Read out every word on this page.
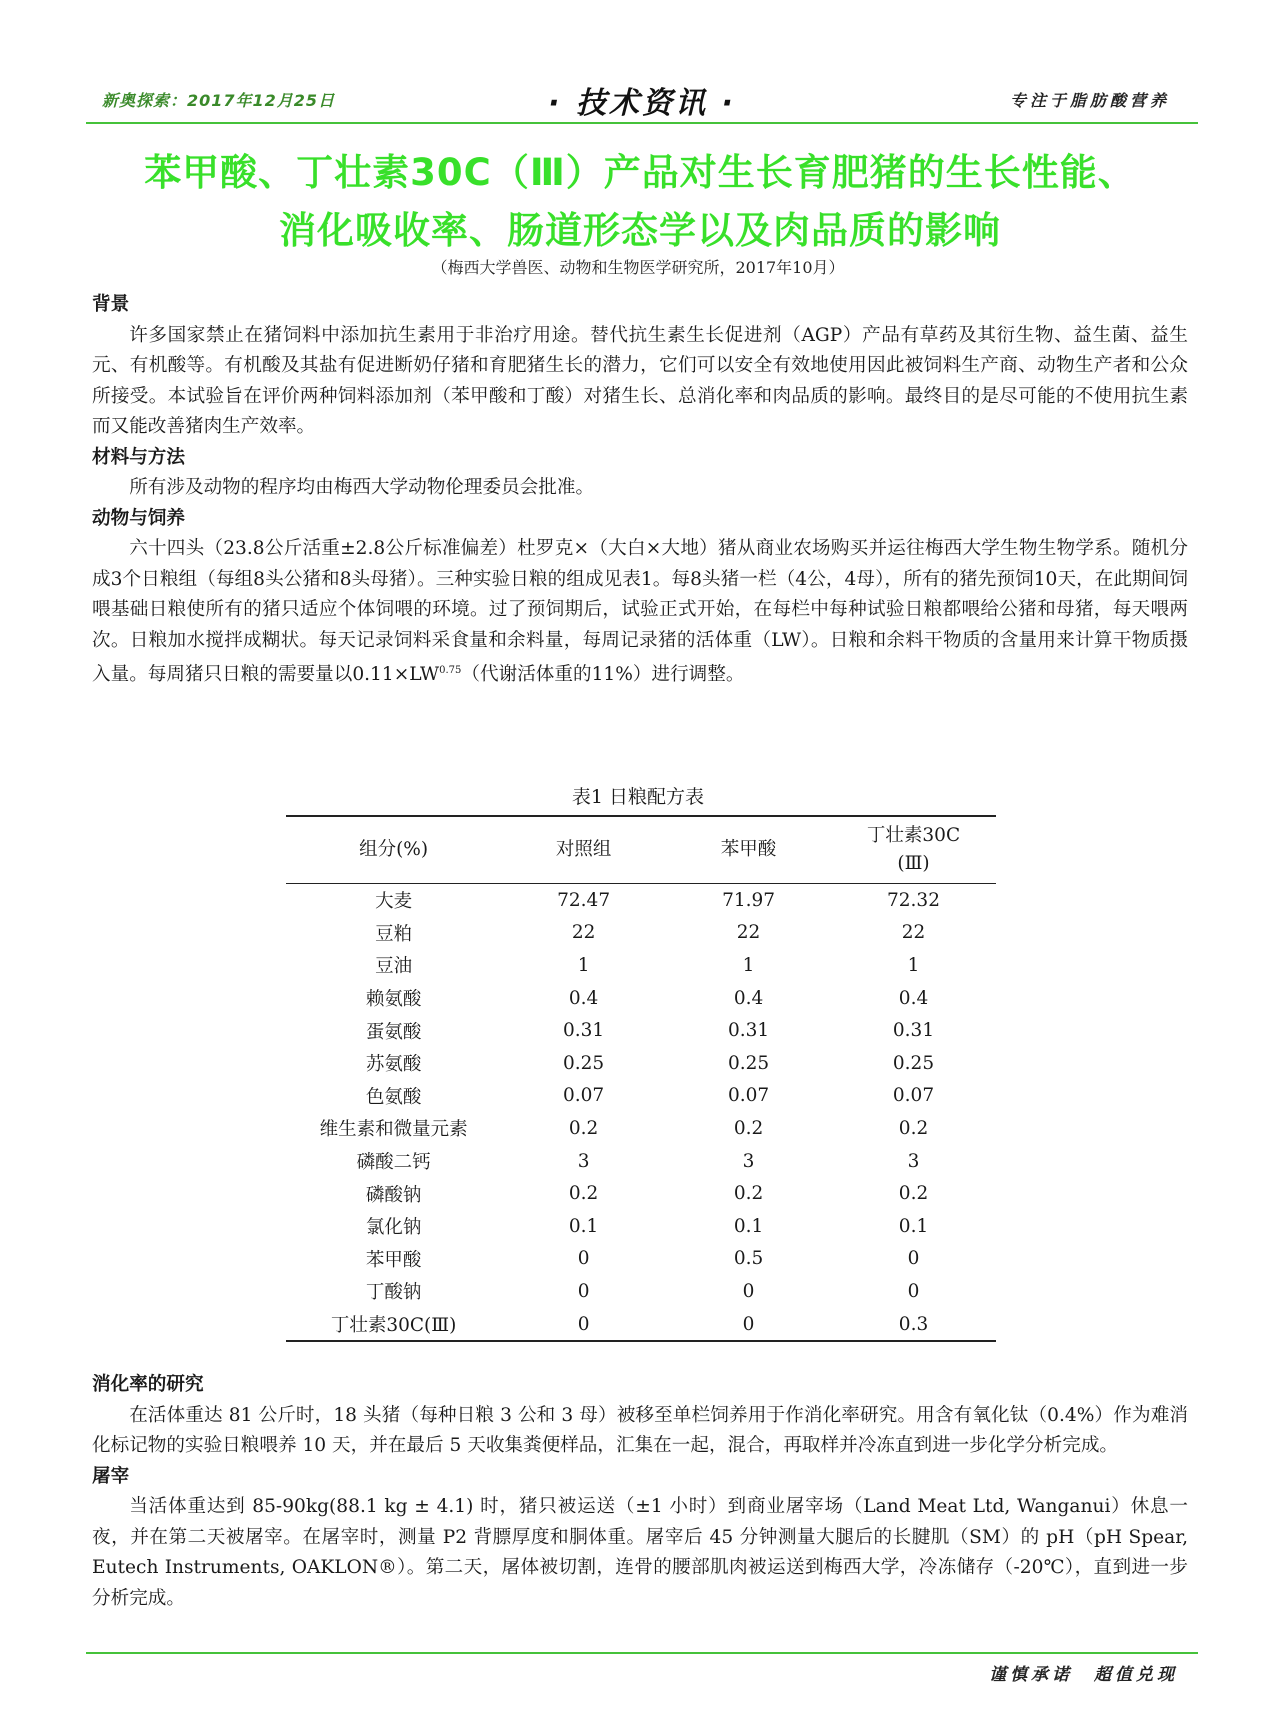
新奥探索：2017年12月25日	· 技术资讯 ·	专注于脂肪酸营养
苯甲酸、丁壮素30C（Ⅲ）产品对生长育肥猪的生长性能、
消化吸收率、肠道形态学以及肉品质的影响
（梅西大学兽医、动物和生物医学研究所，2017年10月）
背景

许多国家禁止在猪饲料中添加抗生素用于非治疗用途。替代抗生素生长促进剂（AGP）产品有草药及其衍生物、益生菌、益生元、有机酸等。有机酸及其盐有促进断奶仔猪和育肥猪生长的潜力，它们可以安全有效地使用因此被饲料生产商、动物生产者和公众所接受。本试验旨在评价两种饲料添加剂（苯甲酸和丁酸）对猪生长、总消化率和肉品质的影响。最终目的是尽可能的不使用抗生素而又能改善猪肉生产效率。

材料与方法

所有涉及动物的程序均由梅西大学动物伦理委员会批准。

动物与饲养

六十四头（23.8公斤活重±2.8公斤标准偏差）杜罗克×（大白×大地）猪从商业农场购买并运往梅西大学生物生物学系。随机分成3个日粮组（每组8头公猪和8头母猪）。三种实验日粮的组成见表1。每8头猪一栏（4公，4母），所有的猪先预饲10天，在此期间饲喂基础日粮使所有的猪只适应个体饲喂的环境。过了预饲期后，试验正式开始，在每栏中每种试验日粮都喂给公猪和母猪，每天喂两次。日粮加水搅拌成糊状。每天记录饲料采食量和余料量，每周记录猪的活体重（LW）。日粮和余料干物质的含量用来计算干物质摄入量。每周猪只日粮的需要量以$0.11\times LW^{0.75}$（代谢活体重的11%）进行调整。

表1 日粮配方表
组分(%)	对照组	苯甲酸	丁壮素30C
(Ⅲ)

大麦	72.47	71.97	72.32
豆粕	22	22	22
豆油	1	1	1
赖氨酸	0.4	0.4	0.4
蛋氨酸	0.31	0.31	0.31
苏氨酸	0.25	0.25	0.25
色氨酸	0.07	0.07	0.07
维生素和微量元素	0.2	0.2	0.2
磷酸二钙	3	3	3
磷酸钠	0.2	0.2	0.2
氯化钠	0.1	0.1	0.1
苯甲酸	0	0.5	0
丁酸钠	0	0	0
丁壮素30C(Ⅲ)	0	0	0.3
消化率的研究

在活体重达 81 公斤时，18 头猪（每种日粮 3 公和 3 母）被移至单栏饲养用于作消化率研究。用含有氧化钛（0.4%）作为难消化标记物的实验日粮喂养 10 天，并在最后 5 天收集粪便样品，汇集在一起，混合，再取样并冷冻直到进一步化学分析完成。

屠宰

当活体重达到 85-90kg(88.1 kg ± 4.1) 时，猪只被运送（±1 小时）到商业屠宰场（Land Meat Ltd, Wanganui）休息一夜，并在第二天被屠宰。在屠宰时，测量 P2 背膘厚度和胴体重。屠宰后 45 分钟测量大腿后的长腱肌（SM）的 pH（pH Spear, Eutech Instruments, OAKLON®）。第二天，屠体被切割，连骨的腰部肌肉被运送到梅西大学，冷冻储存（-20℃），直到进一步分析完成。

谨慎承诺　超值兑现
